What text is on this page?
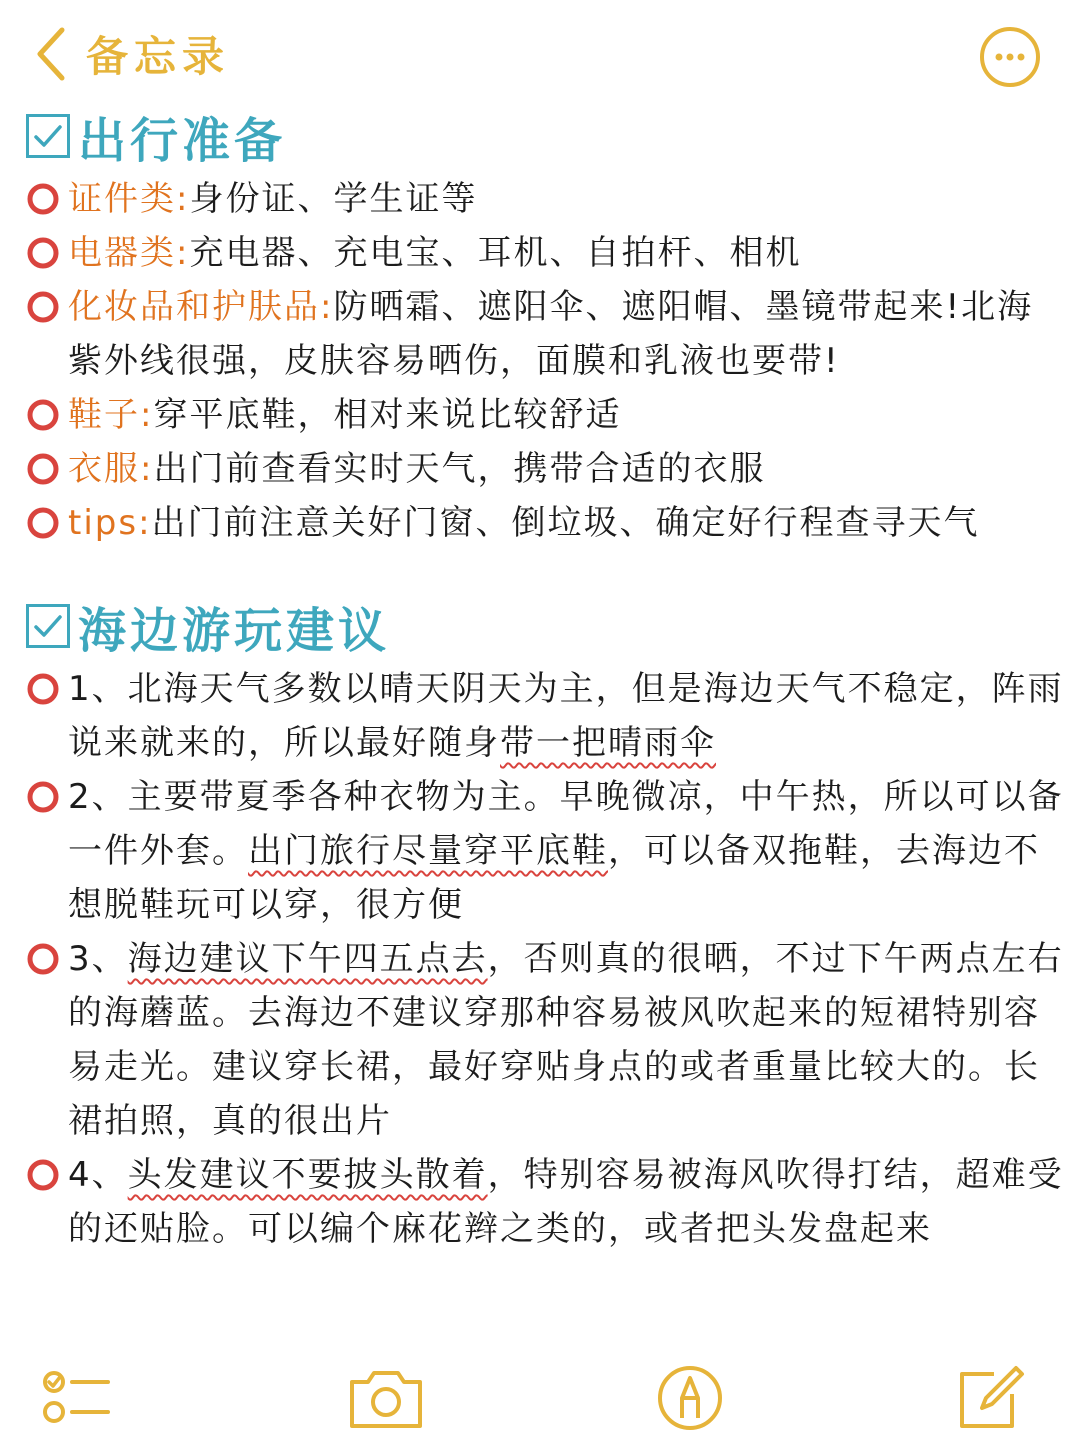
备忘录
出行准备
证件类:身份证、学生证等
电器类:充电器、充电宝、耳机、自拍杆、相机
化妆品和护肤品:防晒霜、遮阳伞、遮阳帽、墨镜带起来!北海紫外线很强，皮肤容易晒伤，面膜和乳液也要带!
鞋子:穿平底鞋，相对来说比较舒适
衣服:出门前查看实时天气，携带合适的衣服
tips:出门前注意关好门窗、倒垃圾、确定好行程查寻天气
海边游玩建议
1、北海天气多数以晴天阴天为主，但是海边天气不稳定，阵雨说来就来的，所以最好随身带一把晴雨伞
2、主要带夏季各种衣物为主。早晚微凉，中午热，所以可以备一件外套。出门旅行尽量穿平底鞋，可以备双拖鞋，去海边不想脱鞋玩可以穿，很方便
3、海边建议下午四五点去，否则真的很晒，不过下午两点左右的海蘑蓝。去海边不建议穿那种容易被风吹起来的短裙特别容易走光。建议穿长裙，最好穿贴身点的或者重量比较大的。长裙拍照，真的很出片
4、头发建议不要披头散着，特别容易被海风吹得打结，超难受的还贴脸。可以编个麻花辫之类的，或者把头发盘起来
